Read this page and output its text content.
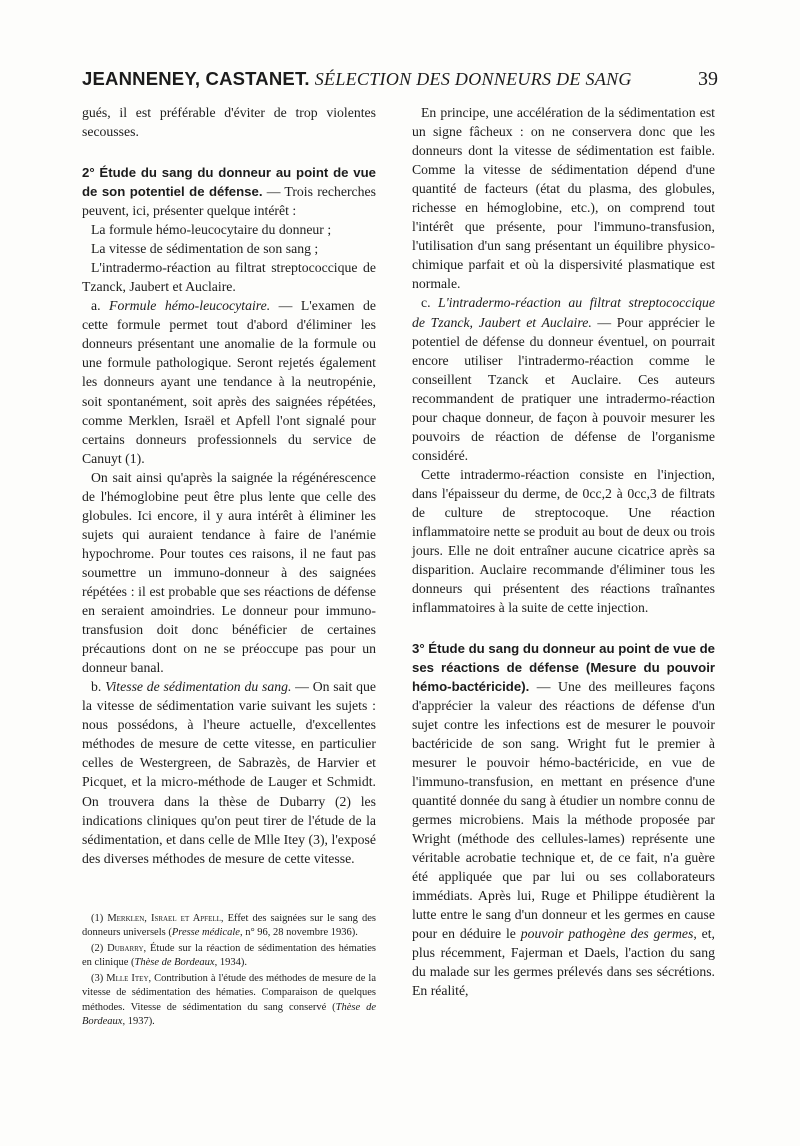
JEANNENEY, CASTANET. SÉLECTION DES DONNEURS DE SANG	39

gués, il est préférable d'éviter de trop violentes secousses.

2° Étude du sang du donneur au point de vue de son potentiel de défense. — Trois recherches peuvent, ici, présenter quelque intérêt :

La formule hémo-leucocytaire du donneur ;

La vitesse de sédimentation de son sang ;

L'intradermo-réaction au filtrat streptococcique de Tzanck, Jaubert et Auclaire.

a. Formule hémo-leucocytaire. — L'examen de cette formule permet tout d'abord d'éliminer les donneurs présentant une anomalie de la formule ou une formule pathologique. Seront rejetés également les donneurs ayant une tendance à la neutropénie, soit spontanément, soit après des saignées répétées, comme Merklen, Israël et Apfell l'ont signalé pour certains donneurs professionnels du service de Canuyt (1).

On sait ainsi qu'après la saignée la régénérescence de l'hémoglobine peut être plus lente que celle des globules. Ici encore, il y aura intérêt à éliminer les sujets qui auraient tendance à faire de l'anémie hypochrome. Pour toutes ces raisons, il ne faut pas soumettre un immuno-donneur à des saignées répétées : il est probable que ses réactions de défense en seraient amoindries. Le donneur pour immuno-transfusion doit donc bénéficier de certaines précautions dont on ne se préoccupe pas pour un donneur banal.

b. Vitesse de sédimentation du sang. — On sait que la vitesse de sédimentation varie suivant les sujets : nous possédons, à l'heure actuelle, d'excellentes méthodes de mesure de cette vitesse, en particulier celles de Westergreen, de Sabrazès, de Harvier et Picquet, et la micro-méthode de Lauger et Schmidt. On trouvera dans la thèse de Dubarry (2) les indications cliniques qu'on peut tirer de l'étude de la sédimentation, et dans celle de Mlle Itey (3), l'exposé des diverses méthodes de mesure de cette vitesse.

(1) Merklen, Israel et Apfell, Effet des saignées sur le sang des donneurs universels (Presse médicale, n° 96, 28 novembre 1936).

(2) Dubarry, Étude sur la réaction de sédimentation des hématies en clinique (Thèse de Bordeaux, 1934).

(3) Mlle Itey, Contribution à l'étude des méthodes de mesure de la vitesse de sédimentation des hématies. Comparaison de quelques méthodes. Vitesse de sédimentation du sang conservé (Thèse de Bordeaux, 1937).

En principe, une accélération de la sédimentation est un signe fâcheux : on ne conservera donc que les donneurs dont la vitesse de sédimentation est faible. Comme la vitesse de sédimentation dépend d'une quantité de facteurs (état du plasma, des globules, richesse en hémoglobine, etc.), on comprend tout l'intérêt que présente, pour l'immuno-transfusion, l'utilisation d'un sang présentant un équilibre physico-chimique parfait et où la dispersivité plasmatique est normale.

c. L'intradermo-réaction au filtrat streptococcique de Tzanck, Jaubert et Auclaire. — Pour apprécier le potentiel de défense du donneur éventuel, on pourrait encore utiliser l'intradermo-réaction comme le conseillent Tzanck et Auclaire. Ces auteurs recommandent de pratiquer une intradermo-réaction pour chaque donneur, de façon à pouvoir mesurer les pouvoirs de réaction de défense de l'organisme considéré.

Cette intradermo-réaction consiste en l'injection, dans l'épaisseur du derme, de 0cc,2 à 0cc,3 de filtrats de culture de streptocoque. Une réaction inflammatoire nette se produit au bout de deux ou trois jours. Elle ne doit entraîner aucune cicatrice après sa disparition. Auclaire recommande d'éliminer tous les donneurs qui présentent des réactions traînantes inflammatoires à la suite de cette injection.

3° Étude du sang du donneur au point de vue de ses réactions de défense (Mesure du pouvoir hémo-bactéricide). — Une des meilleures façons d'apprécier la valeur des réactions de défense d'un sujet contre les infections est de mesurer le pouvoir bactéricide de son sang. Wright fut le premier à mesurer le pouvoir hémo-bactéricide, en vue de l'immuno-transfusion, en mettant en présence d'une quantité donnée du sang à étudier un nombre connu de germes microbiens. Mais la méthode proposée par Wright (méthode des cellules-lames) représente une véritable acrobatie technique et, de ce fait, n'a guère été appliquée que par lui ou ses collaborateurs immédiats. Après lui, Ruge et Philippe étudièrent la lutte entre le sang d'un donneur et les germes en cause pour en déduire le pouvoir pathogène des germes, et, plus récemment, Fajerman et Daels, l'action du sang du malade sur les germes prélevés dans ses sécrétions. En réalité,
